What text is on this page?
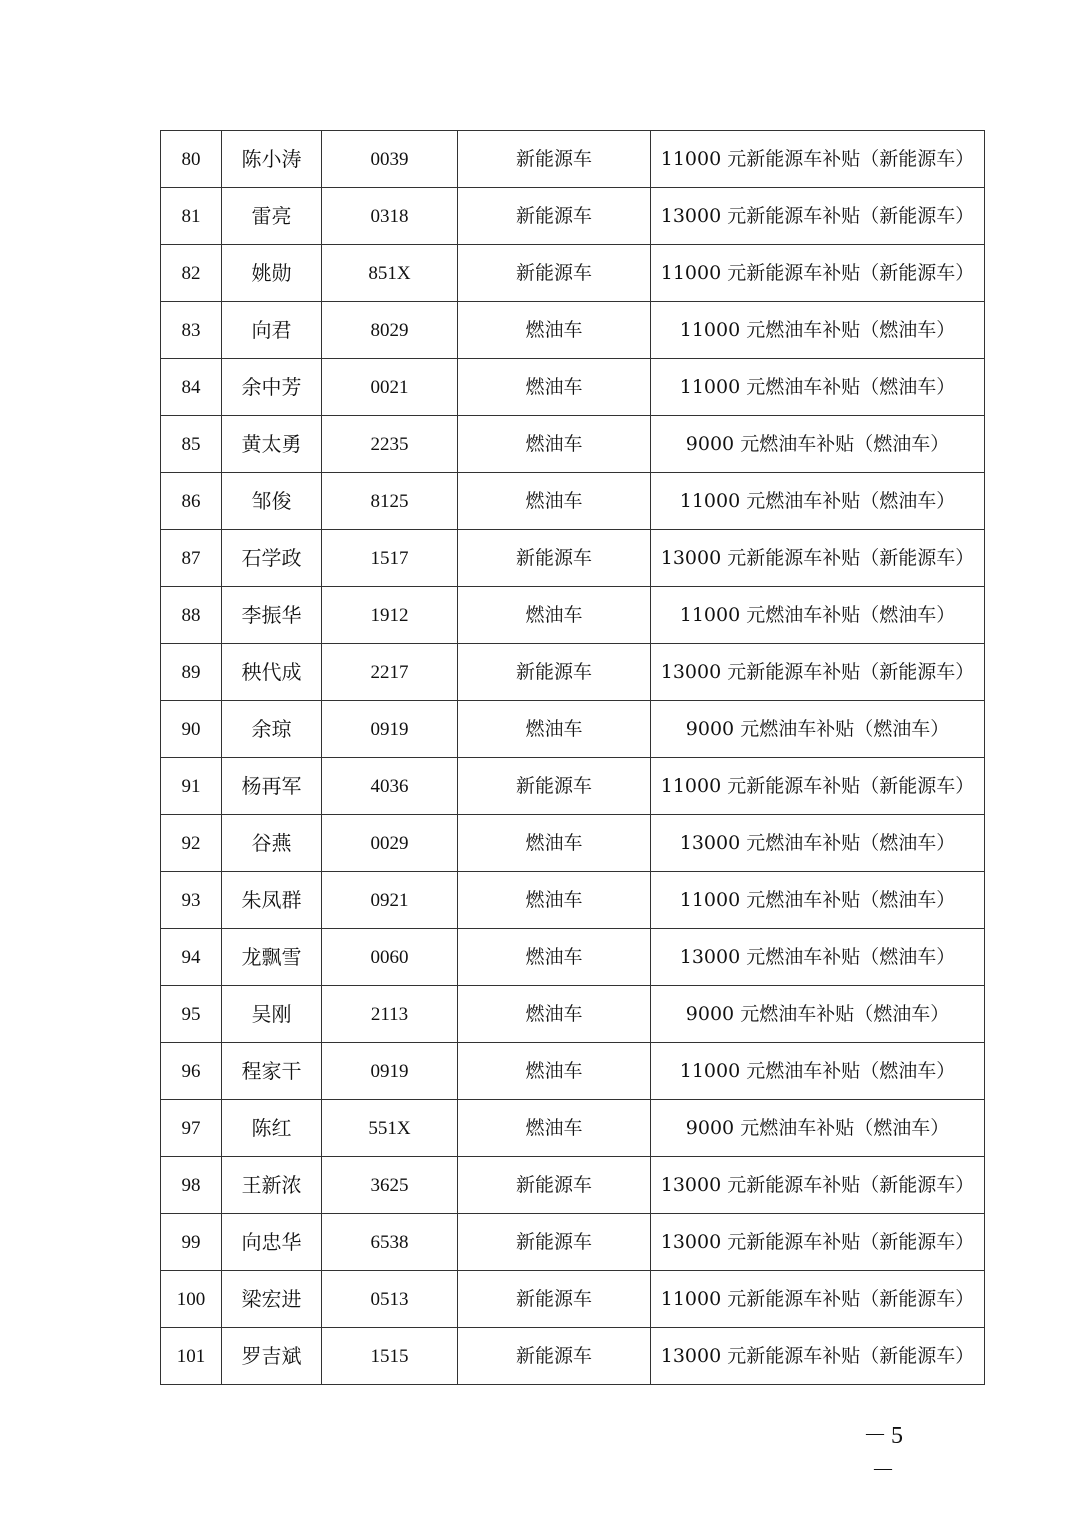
80	陈小涛	0039	新能源车	11000 元新能源车补贴（新能源车）
81	雷亮	0318	新能源车	13000 元新能源车补贴（新能源车）
82	姚勋	851X	新能源车	11000 元新能源车补贴（新能源车）
83	向君	8029	燃油车	11000 元燃油车补贴（燃油车）
84	余中芳	0021	燃油车	11000 元燃油车补贴（燃油车）
85	黄太勇	2235	燃油车	9000 元燃油车补贴（燃油车）
86	邹俊	8125	燃油车	11000 元燃油车补贴（燃油车）
87	石学政	1517	新能源车	13000 元新能源车补贴（新能源车）
88	李振华	1912	燃油车	11000 元燃油车补贴（燃油车）
89	秧代成	2217	新能源车	13000 元新能源车补贴（新能源车）
90	余琼	0919	燃油车	9000 元燃油车补贴（燃油车）
91	杨再军	4036	新能源车	11000 元新能源车补贴（新能源车）
92	谷燕	0029	燃油车	13000 元燃油车补贴（燃油车）
93	朱凤群	0921	燃油车	11000 元燃油车补贴（燃油车）
94	龙飘雪	0060	燃油车	13000 元燃油车补贴（燃油车）
95	吴刚	2113	燃油车	9000 元燃油车补贴（燃油车）
96	程家干	0919	燃油车	11000 元燃油车补贴（燃油车）
97	陈红	551X	燃油车	9000 元燃油车补贴（燃油车）
98	王新浓	3625	新能源车	13000 元新能源车补贴（新能源车）
99	向忠华	6538	新能源车	13000 元新能源车补贴（新能源车）
100	梁宏进	0513	新能源车	11000 元新能源车补贴（新能源车）
101	罗吉斌	1515	新能源车	13000 元新能源车补贴（新能源车）
－5－
